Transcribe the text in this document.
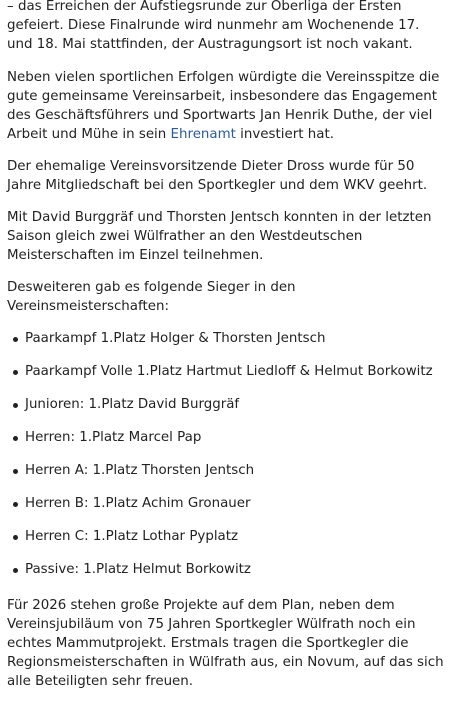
– das Erreichen der Aufstiegsrunde zur Oberliga der Ersten gefeiert. Diese Finalrunde wird nunmehr am Wochenende 17. und 18. Mai stattfinden, der Austragungsort ist noch vakant.

Neben vielen sportlichen Erfolgen würdigte die Vereinsspitze die gute gemeinsame Vereinsarbeit, insbesondere das Engagement des Geschäftsführers und Sportwarts Jan Henrik Duthe, der viel Arbeit und Mühe in sein Ehrenamt investiert hat.

Der ehemalige Vereinsvorsitzende Dieter Dross wurde für 50 Jahre Mitgliedschaft bei den Sportkegler und dem WKV geehrt.

Mit David Burggräf und Thorsten Jentsch konnten in der letzten Saison gleich zwei Wülfrather an den Westdeutschen Meisterschaften im Einzel teilnehmen.

Desweiteren gab es folgende Sieger in den Vereinsmeisterschaften:

Paarkampf 1.Platz Holger & Thorsten Jentsch
Paarkampf Volle 1.Platz Hartmut Liedloff & Helmut Borkowitz
Junioren: 1.Platz David Burggräf
Herren: 1.Platz Marcel Pap
Herren A: 1.Platz Thorsten Jentsch
Herren B: 1.Platz Achim Gronauer
Herren C: 1.Platz Lothar Pyplatz
Passive: 1.Platz Helmut Borkowitz

Für 2026 stehen große Projekte auf dem Plan, neben dem Vereinsjubiläum von 75 Jahren Sportkegler Wülfrath noch ein echtes Mammutprojekt. Erstmals tragen die Sportkegler die Regionsmeisterschaften in Wülfrath aus, ein Novum, auf das sich alle Beteiligten sehr freuen.
